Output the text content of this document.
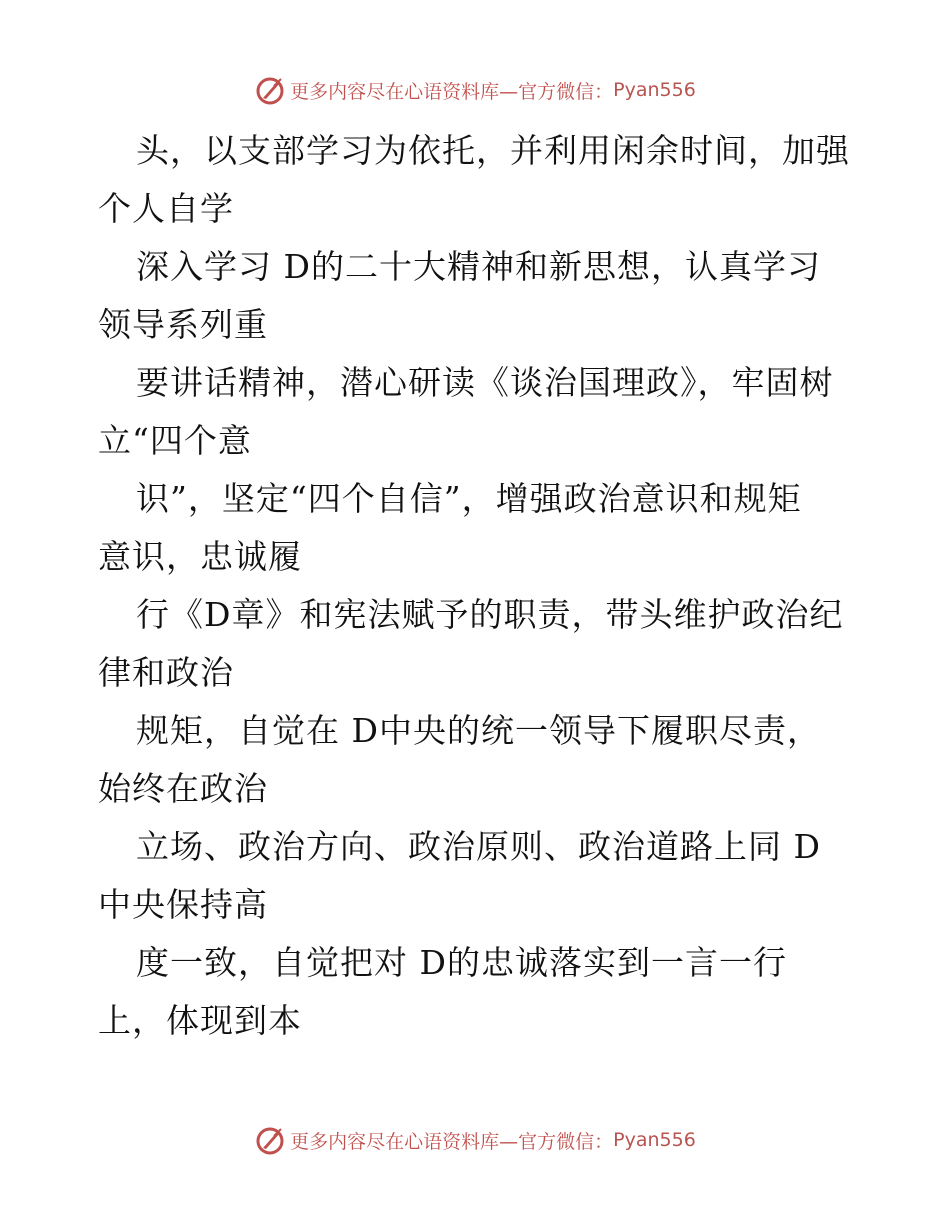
更多内容尽在心语资料库—官方微信： Pyan556

头，以支部学习为依托，并利用闲余时间，加强
个人自学

深入学习 D的二十大精神和新思想，认真学习
领导系列重

要讲话精神，潜心研读《谈治国理政》，牢固树
立“四个意

识”，坚定“四个自信”，增强政治意识和规矩
意识，忠诚履

行《D章》和宪法赋予的职责，带头维护政治纪
律和政治

规矩，自觉在 D中央的统一领导下履职尽责，
始终在政治

立场、政治方向、政治原则、政治道路上同 D
中央保持高

度一致，自觉把对 D的忠诚落实到一言一行
上，体现到本

更多内容尽在心语资料库—官方微信： Pyan556
